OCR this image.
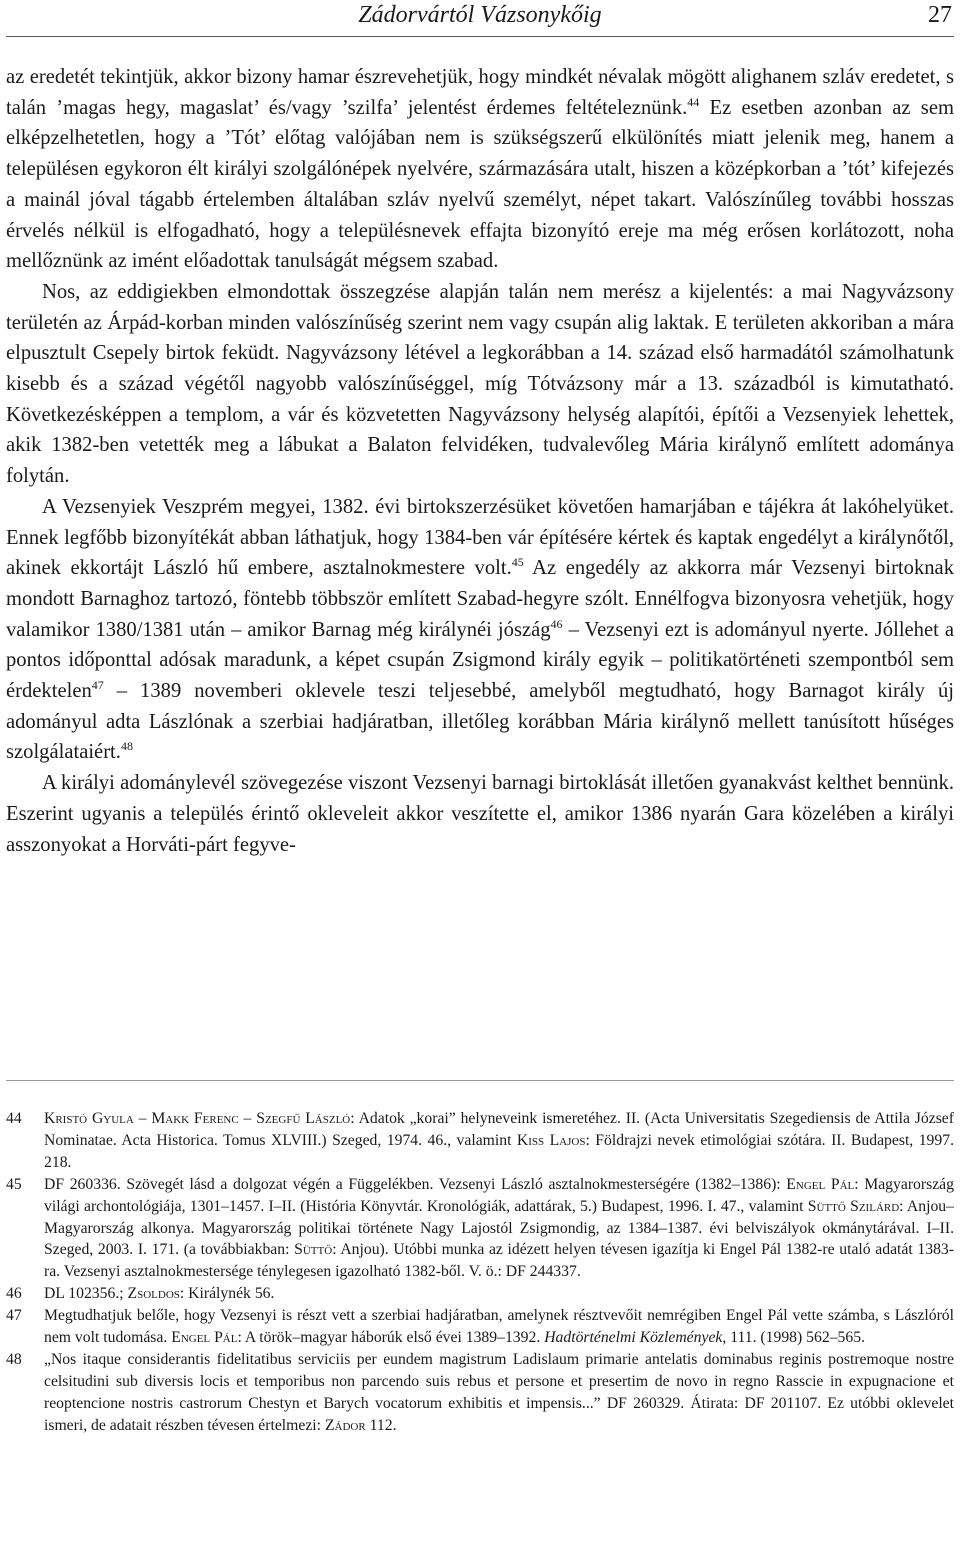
Zádorvártól Vázsonykőig	27

az eredetét tekintjük, akkor bizony hamar észrevehetjük, hogy mindkét névalak mögött alighanem szláv eredetet, s talán ’magas hegy, magaslat’ és/vagy ’szilfa’ jelentést érdemes feltételeznünk.$^{44}$ Ez esetben azonban az sem elképzelhetetlen, hogy a ’Tót’ előtag valójában nem is szükségszerű elkülönítés miatt jelenik meg, hanem a településen egykoron élt királyi szolgálónépek nyelvére, származására utalt, hiszen a középkorban a ’tót’ kifejezés a mainál jóval tágabb értelemben általában szláv nyelvű személyt, népet takart. Valószínűleg további hosszas érvelés nélkül is elfogadható, hogy a településnevek effajta bizonyító ereje ma még erősen korlátozott, noha mellőznünk az imént előadottak tanulságát mégsem szabad.

Nos, az eddigiekben elmondottak összegzése alapján talán nem merész a kijelentés: a mai Nagyvázsony területén az Árpád-korban minden valószínűség szerint nem vagy csupán alig laktak. E területen akkoriban a mára elpusztult Csepely birtok feküdt. Nagyvázsony létével a legkorábban a 14. század első harmadától számolhatunk kisebb és a század végétől nagyobb valószínűséggel, míg Tótvázsony már a 13. századból is kimutatható. Következésképpen a templom, a vár és közvetetten Nagyvázsony helység alapítói, építői a Vezsenyiek lehettek, akik 1382-ben vetették meg a lábukat a Balaton felvidéken, tudvalevőleg Mária királynő említett adománya folytán.

A Vezsenyiek Veszprém megyei, 1382. évi birtokszerzésüket követően hamarjában e tájékra át lakóhelyüket. Ennek legfőbb bizonyítékát abban láthatjuk, hogy 1384-ben vár építésére kértek és kaptak engedélyt a királynőtől, akinek ekkortájt László hű embere, asztalnokmestere volt.$^{45}$ Az engedély az akkorra már Vezsenyi birtoknak mondott Barnaghoz tartozó, föntebb többször említett Szabad-hegyre szólt. Ennélfogva bizonyosra vehetjük, hogy valamikor 1380/1381 után – amikor Barnag még királynéi jószág$^{46}$ – Vezsenyi ezt is adományul nyerte. Jóllehet a pontos időponttal adósak maradunk, a képet csupán Zsigmond király egyik – politikatörténeti szempontból sem érdektelen$^{47}$ – 1389 novemberi oklevele teszi teljesebbé, amelyből megtudható, hogy Barnagot király új adományul adta Lászlónak a szerbiai hadjáratban, illetőleg korábban Mária királynő mellett tanúsított hűséges szolgálataiért.$^{48}$

A királyi adománylevél szövegezése viszont Vezsenyi barnagi birtoklását illetően gyanakvást kelthet bennünk. Eszerint ugyanis a település érintő okleveleit akkor veszítette el, amikor 1386 nyarán Gara közelében a királyi asszonyokat a Horváti-párt fegyve-

44	Kristó Gyula – Makk Ferenc – Szegfű László: Adatok „korai” helyneveink ismeretéhez. II. (Acta Universitatis Szegediensis de Attila József Nominatae. Acta Historica. Tomus XLVIII.) Szeged, 1974. 46., valamint Kiss Lajos: Földrajzi nevek etimológiai szótára. II. Budapest, 1997. 218.
45	DF 260336. Szövegét lásd a dolgozat végén a Függelékben. Vezsenyi László asztalnokmesterségére (1382–1386): Engel Pál: Magyarország világi archontológiája, 1301–1457. I–II. (História Könyvtár. Kronológiák, adattárak, 5.) Budapest, 1996. I. 47., valamint Süttő Szilárd: Anjou–Magyarország alkonya. Magyarország politikai története Nagy Lajostól Zsigmondig, az 1384–1387. évi belviszályok okmánytárával. I–II. Szeged, 2003. I. 171. (a továbbiakban: Süttő: Anjou). Utóbbi munka az idézett helyen tévesen igazítja ki Engel Pál 1382-re utaló adatát 1383-ra. Vezsenyi asztalnokmestersége ténylegesen igazolható 1382-ből. V. ö.: DF 244337.
46	DL 102356.; Zsoldos: Királynék 56.
47	Megtudhatjuk belőle, hogy Vezsenyi is részt vett a szerbiai hadjáratban, amelynek résztvevőit nemrégiben Engel Pál vette számba, s Lászlóról nem volt tudomása. Engel Pál: A török–magyar háborúk első évei 1389–1392. Hadtörténelmi Közlemények, 111. (1998) 562–565.
48	„Nos itaque considerantis fidelitatibus serviciis per eundem magistrum Ladislaum primarie antelatis dominabus reginis postremoque nostre celsitudini sub diversis locis et temporibus non parcendo suis rebus et persone et presertim de novo in regno Rasscie in expugnacione et reoptencione nostris castrorum Chestyn et Barych vocatorum exhibitis et impensis...” DF 260329. Átirata: DF 201107. Ez utóbbi oklevelet ismeri, de adatait részben tévesen értelmezi: Zádor 112.
